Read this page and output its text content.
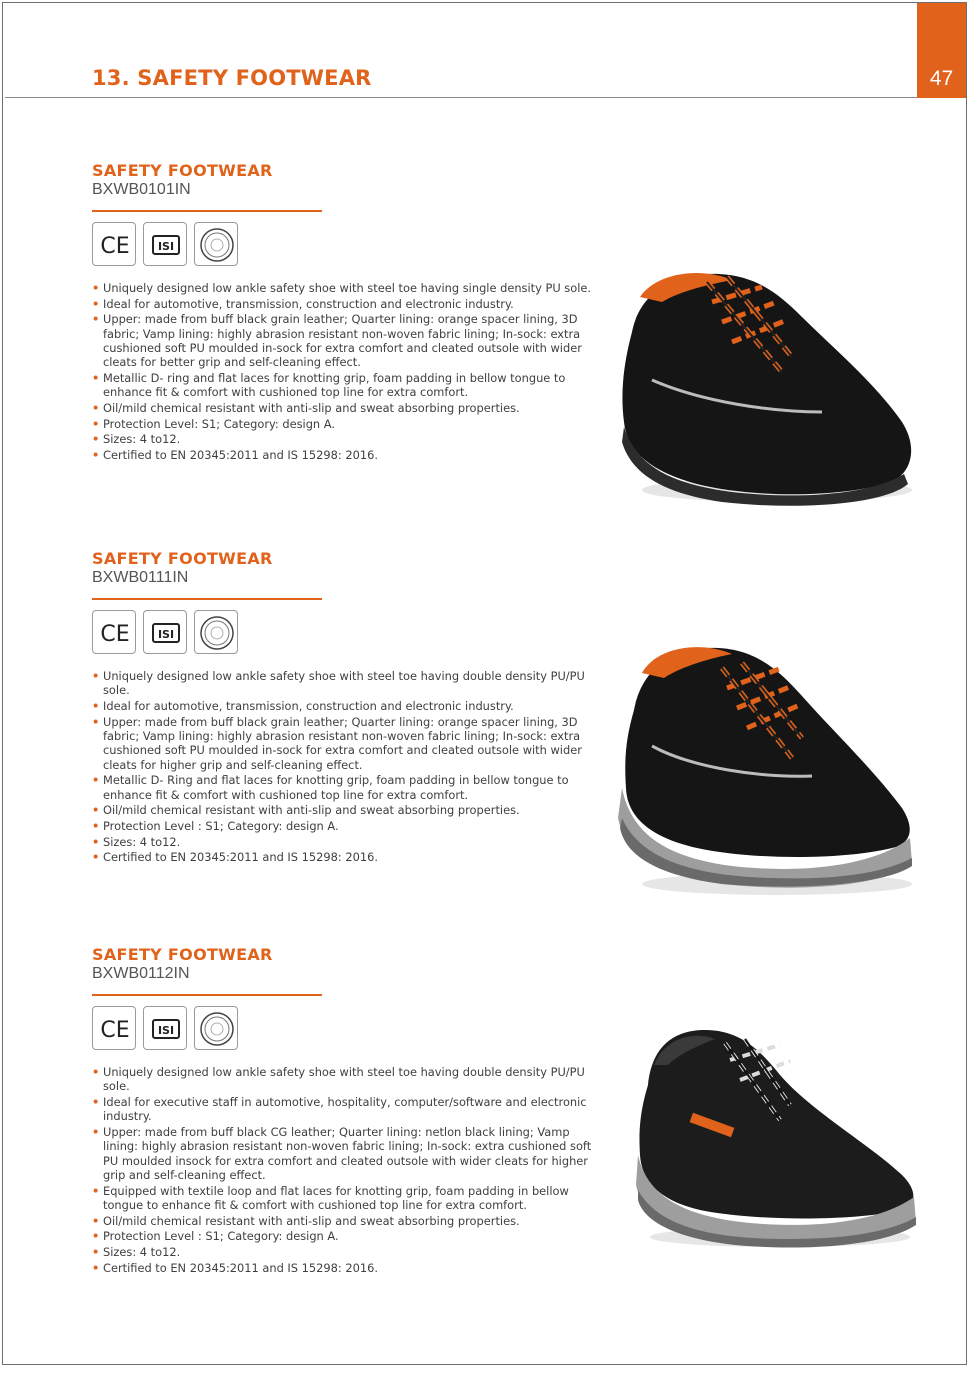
47
13. SAFETY FOOTWEAR
SAFETY FOOTWEAR
BXWB0101IN
CE	ISI
• Uniquely designed low ankle safety shoe with steel toe having single density PU sole.
• Ideal for automotive, transmission, construction and electronic industry.
• Upper: made from buff black grain leather; Quarter lining: orange spacer lining, 3D fabric; Vamp lining: highly abrasion resistant non-woven fabric lining; In-sock: extra cushioned soft PU moulded in-sock for extra comfort and cleated outsole with wider cleats for better grip and self-cleaning effect.
• Metallic D- ring and flat laces for knotting grip, foam padding in bellow tongue to enhance fit & comfort with cushioned top line for extra comfort.
• Oil/mild chemical resistant with anti-slip and sweat absorbing properties.
• Protection Level: S1; Category: design A.
• Sizes: 4 to12.
• Certified to EN 20345:2011 and IS 15298: 2016.
SAFETY FOOTWEAR
BXWB0111IN
CE	ISI
• Uniquely designed low ankle safety shoe with steel toe having double density PU/PU sole.
• Ideal for automotive, transmission, construction and electronic industry.
• Upper: made from buff black grain leather; Quarter lining: orange spacer lining, 3D fabric; Vamp lining: highly abrasion resistant non-woven fabric lining; In-sock: extra cushioned soft PU moulded in-sock for extra comfort and cleated outsole with wider cleats for higher grip and self-cleaning effect.
• Metallic D- Ring and flat laces for knotting grip, foam padding in bellow tongue to enhance fit & comfort with cushioned top line for extra comfort.
• Oil/mild chemical resistant with anti-slip and sweat absorbing properties.
• Protection Level : S1; Category: design A.
• Sizes: 4 to12.
• Certified to EN 20345:2011 and IS 15298: 2016.
SAFETY FOOTWEAR
BXWB0112IN
CE	ISI
• Uniquely designed low ankle safety shoe with steel toe having double density PU/PU sole.
• Ideal for executive staff in automotive, hospitality, computer/software and electronic industry.
• Upper: made from buff black CG leather; Quarter lining: netlon black lining; Vamp lining: highly abrasion resistant non-woven fabric lining; In-sock: extra cushioned soft PU moulded insock for extra comfort and cleated outsole with wider cleats for higher grip and self-cleaning effect.
• Equipped with textile loop and flat laces for knotting grip, foam padding in bellow tongue to enhance fit & comfort with cushioned top line for extra comfort.
• Oil/mild chemical resistant with anti-slip and sweat absorbing properties.
• Protection Level : S1; Category: design A.
• Sizes: 4 to12.
• Certified to EN 20345:2011 and IS 15298: 2016.
